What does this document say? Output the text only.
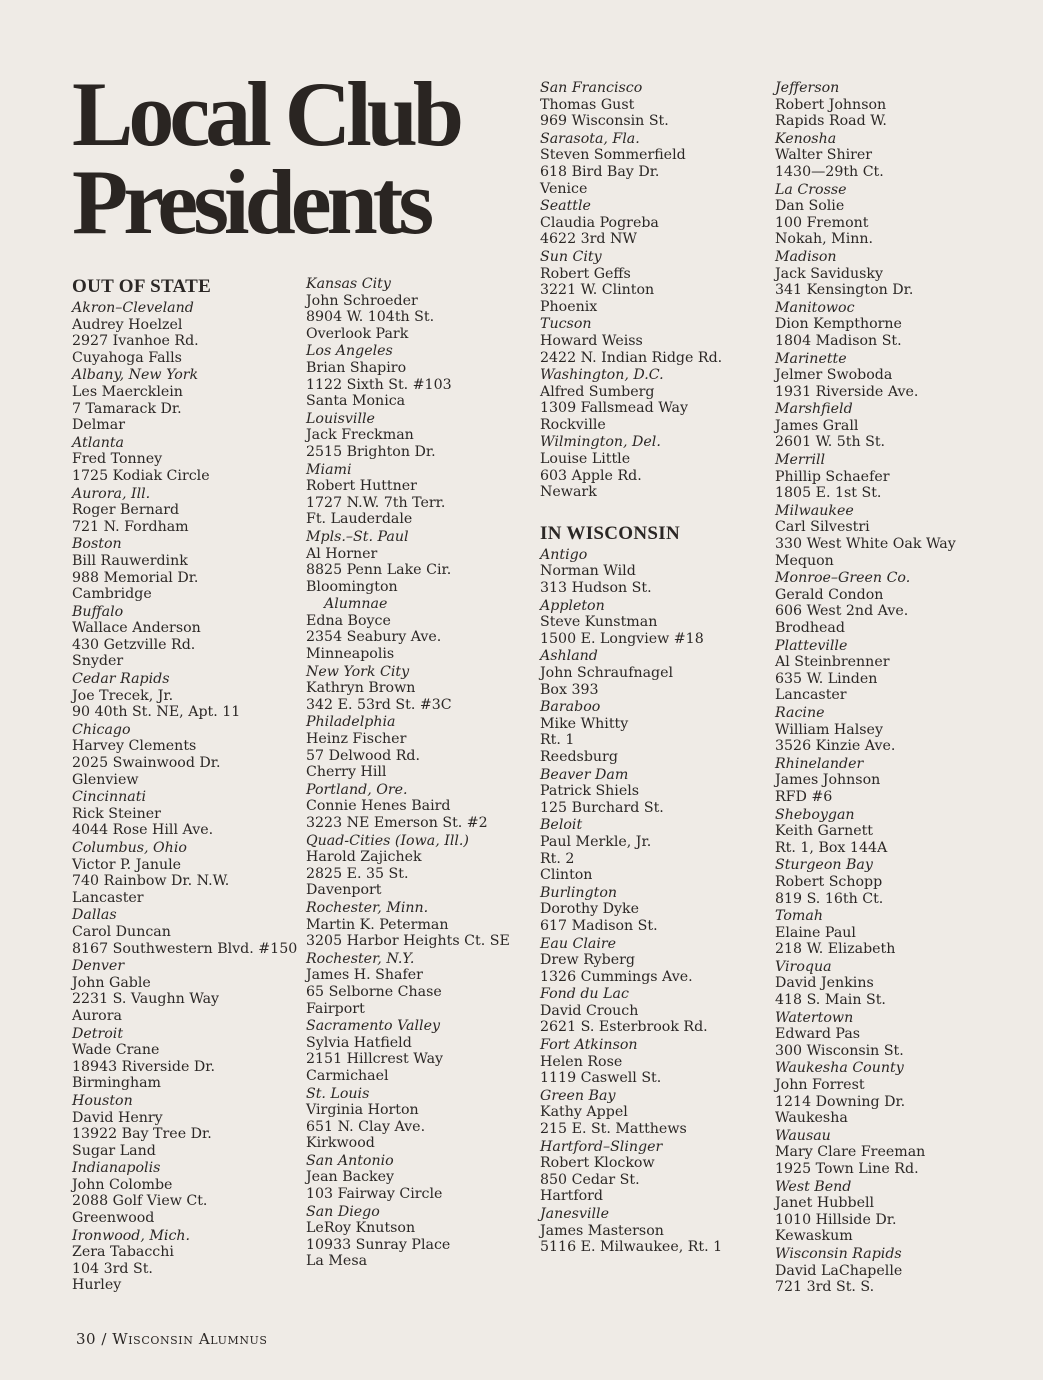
Local Club
Presidents
OUT OF STATE
Akron–Cleveland
Audrey Hoelzel
2927 Ivanhoe Rd.
Cuyahoga Falls
Albany, New York
Les Maercklein
7 Tamarack Dr.
Delmar
Atlanta
Fred Tonney
1725 Kodiak Circle
Aurora, Ill.
Roger Bernard
721 N. Fordham
Boston
Bill Rauwerdink
988 Memorial Dr.
Cambridge
Buffalo
Wallace Anderson
430 Getzville Rd.
Snyder
Cedar Rapids
Joe Trecek, Jr.
90 40th St. NE, Apt. 11
Chicago
Harvey Clements
2025 Swainwood Dr.
Glenview
Cincinnati
Rick Steiner
4044 Rose Hill Ave.
Columbus, Ohio
Victor P. Janule
740 Rainbow Dr. N.W.
Lancaster
Dallas
Carol Duncan
8167 Southwestern Blvd. #150
Denver
John Gable
2231 S. Vaughn Way
Aurora
Detroit
Wade Crane
18943 Riverside Dr.
Birmingham
Houston
David Henry
13922 Bay Tree Dr.
Sugar Land
Indianapolis
John Colombe
2088 Golf View Ct.
Greenwood
Ironwood, Mich.
Zera Tabacchi
104 3rd St.
Hurley
Kansas City
John Schroeder
8904 W. 104th St.
Overlook Park
Los Angeles
Brian Shapiro
1122 Sixth St. #103
Santa Monica
Louisville
Jack Freckman
2515 Brighton Dr.
Miami
Robert Huttner
1727 N.W. 7th Terr.
Ft. Lauderdale
Mpls.–St. Paul
Al Horner
8825 Penn Lake Cir.
Bloomington
Alumnae
Edna Boyce
2354 Seabury Ave.
Minneapolis
New York City
Kathryn Brown
342 E. 53rd St. #3C
Philadelphia
Heinz Fischer
57 Delwood Rd.
Cherry Hill
Portland, Ore.
Connie Henes Baird
3223 NE Emerson St. #2
Quad-Cities (Iowa, Ill.)
Harold Zajichek
2825 E. 35 St.
Davenport
Rochester, Minn.
Martin K. Peterman
3205 Harbor Heights Ct. SE
Rochester, N.Y.
James H. Shafer
65 Selborne Chase
Fairport
Sacramento Valley
Sylvia Hatfield
2151 Hillcrest Way
Carmichael
St. Louis
Virginia Horton
651 N. Clay Ave.
Kirkwood
San Antonio
Jean Backey
103 Fairway Circle
San Diego
LeRoy Knutson
10933 Sunray Place
La Mesa
San Francisco
Thomas Gust
969 Wisconsin St.
Sarasota, Fla.
Steven Sommerfield
618 Bird Bay Dr.
Venice
Seattle
Claudia Pogreba
4622 3rd NW
Sun City
Robert Geffs
3221 W. Clinton
Phoenix
Tucson
Howard Weiss
2422 N. Indian Ridge Rd.
Washington, D.C.
Alfred Sumberg
1309 Fallsmead Way
Rockville
Wilmington, Del.
Louise Little
603 Apple Rd.
Newark
IN WISCONSIN
Antigo
Norman Wild
313 Hudson St.
Appleton
Steve Kunstman
1500 E. Longview #18
Ashland
John Schraufnagel
Box 393
Baraboo
Mike Whitty
Rt. 1
Reedsburg
Beaver Dam
Patrick Shiels
125 Burchard St.
Beloit
Paul Merkle, Jr.
Rt. 2
Clinton
Burlington
Dorothy Dyke
617 Madison St.
Eau Claire
Drew Ryberg
1326 Cummings Ave.
Fond du Lac
David Crouch
2621 S. Esterbrook Rd.
Fort Atkinson
Helen Rose
1119 Caswell St.
Green Bay
Kathy Appel
215 E. St. Matthews
Hartford–Slinger
Robert Klockow
850 Cedar St.
Hartford
Janesville
James Masterson
5116 E. Milwaukee, Rt. 1
Jefferson
Robert Johnson
Rapids Road W.
Kenosha
Walter Shirer
1430—29th Ct.
La Crosse
Dan Solie
100 Fremont
Nokah, Minn.
Madison
Jack Savidusky
341 Kensington Dr.
Manitowoc
Dion Kempthorne
1804 Madison St.
Marinette
Jelmer Swoboda
1931 Riverside Ave.
Marshfield
James Grall
2601 W. 5th St.
Merrill
Phillip Schaefer
1805 E. 1st St.
Milwaukee
Carl Silvestri
330 West White Oak Way
Mequon
Monroe–Green Co.
Gerald Condon
606 West 2nd Ave.
Brodhead
Platteville
Al Steinbrenner
635 W. Linden
Lancaster
Racine
William Halsey
3526 Kinzie Ave.
Rhinelander
James Johnson
RFD #6
Sheboygan
Keith Garnett
Rt. 1, Box 144A
Sturgeon Bay
Robert Schopp
819 S. 16th Ct.
Tomah
Elaine Paul
218 W. Elizabeth
Viroqua
David Jenkins
418 S. Main St.
Watertown
Edward Pas
300 Wisconsin St.
Waukesha County
John Forrest
1214 Downing Dr.
Waukesha
Wausau
Mary Clare Freeman
1925 Town Line Rd.
West Bend
Janet Hubbell
1010 Hillside Dr.
Kewaskum
Wisconsin Rapids
David LaChapelle
721 3rd St. S.
30 / Wisconsin Alumnus
